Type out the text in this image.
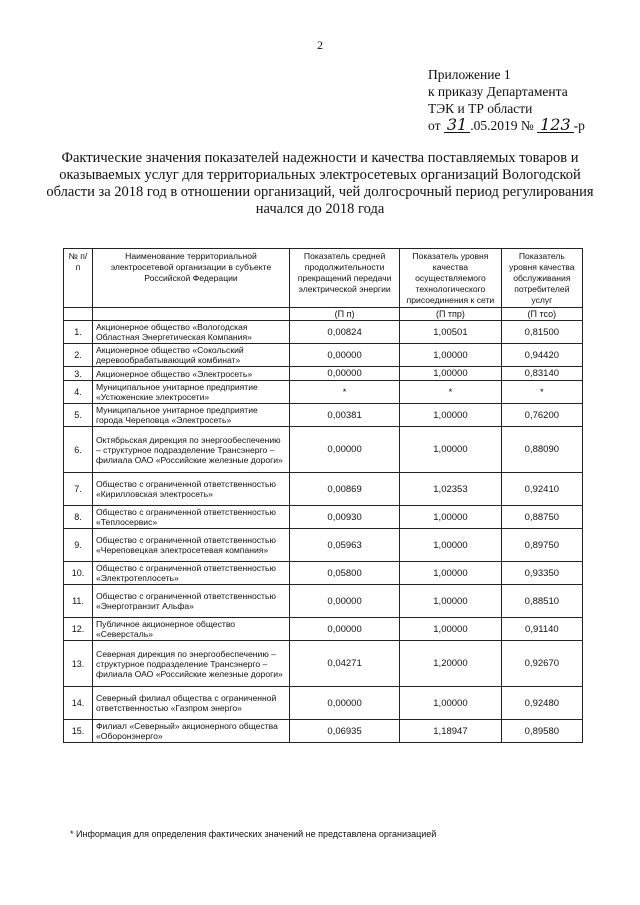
2
Приложение 1
к приказу Департамента
ТЭК и ТР области
от 31 .05.2019 № 123 -р
Фактические значения показателей надежности и качества поставляемых товаров и оказываемых услуг для территориальных электросетевых организаций Вологодской области за 2018 год в отношении организаций, чей долгосрочный период регулирования начался до 2018 года
№ п/п	Наименование территориальной электросетевой организации в субъекте Российской Федерации	Показатель средней продолжительности прекращений передачи электрической энергии	Показатель уровня качества осуществляемого технологического присоединения к сети	Показатель уровня качества обслуживания потребителей услуг
		(П п)	(П тпр)	(П тсо)
1.	Акционерное общество «Вологодская Областная Энергетическая Компания»	0,00824	1,00501	0,81500
2.	Акционерное общество «Сокольский деревообрабатывающий комбинат»	0,00000	1,00000	0,94420
3.	Акционерное общество «Электросеть»	0,00000	1,00000	0,83140
4.	Муниципальное унитарное предприятие «Устюженские электросети»	*	*	*
5.	Муниципальное унитарное предприятие города Череповца «Электросеть»	0,00381	1,00000	0,76200
6.	Октябрьская дирекция по энергообеспечению – структурное подразделение Трансэнерго – филиала ОАО «Российские железные дороги»	0,00000	1,00000	0,88090
7.	Общество с ограниченной ответственностью «Кирилловская электросеть»	0,00869	1,02353	0,92410
8.	Общество с ограниченной ответственностью «Теплосервис»	0,00930	1,00000	0,88750
9.	Общество с ограниченной ответственностью «Череповецкая электросетевая компания»	0,05963	1,00000	0,89750
10.	Общество с ограниченной ответственностью «Электротеплосеть»	0,05800	1,00000	0,93350
11.	Общество с ограниченной ответственностью «Энерготранзит Альфа»	0,00000	1,00000	0,88510
12.	Публичное акционерное общество «Северсталь»	0,00000	1,00000	0,91140
13.	Северная дирекция по энергообеспечению – структурное подразделение Трансэнерго – филиала ОАО «Российские железные дороги»	0,04271	1,20000	0,92670
14.	Северный филиал общества с ограниченной ответственностью «Газпром энерго»	0,00000	1,00000	0,92480
15.	Филиал «Северный» акционерного общества «Оборонэнерго»	0,06935	1,18947	0,89580
* Информация для определения фактических значений не представлена организацией
